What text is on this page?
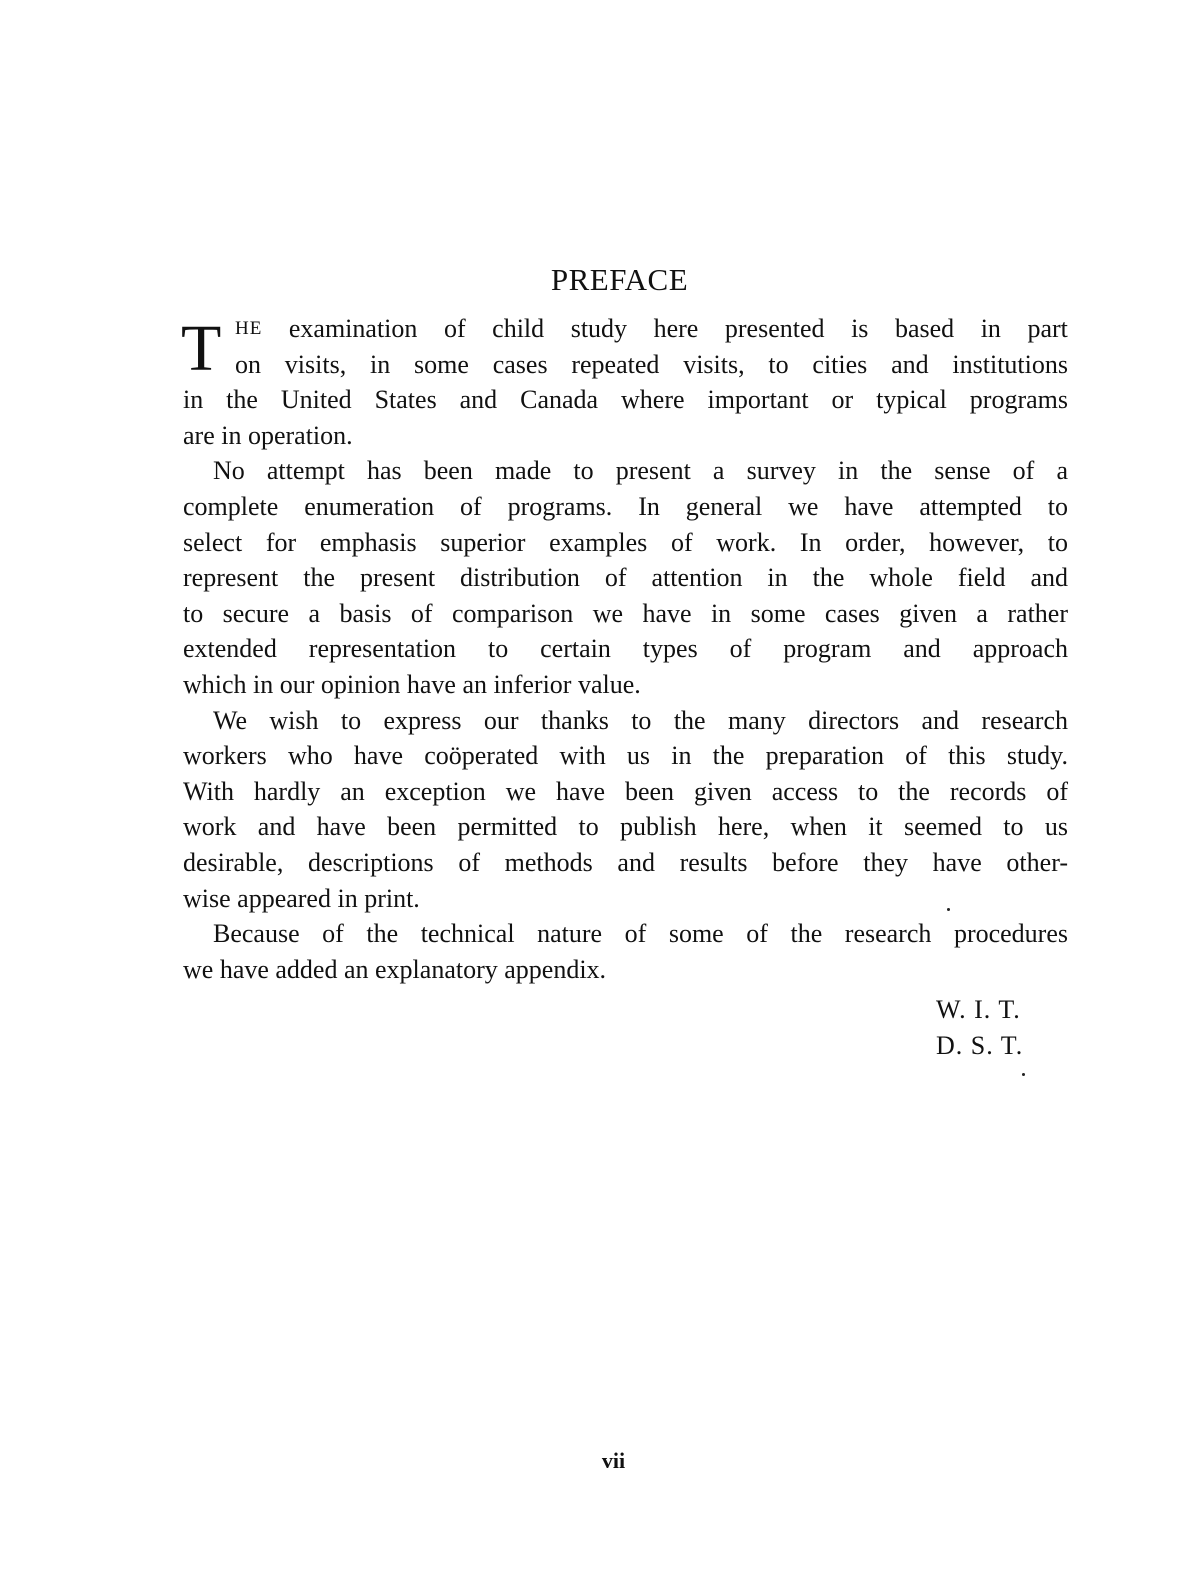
PREFACE
T HE examination of child study here presented is based in part
on visits, in some cases repeated visits, to cities and institutions
in the United States and Canada where important or typical programs
are in operation.
No attempt has been made to present a survey in the sense of a
complete enumeration of programs. In general we have attempted to
select for emphasis superior examples of work. In order, however, to
represent the present distribution of attention in the whole field and
to secure a basis of comparison we have in some cases given a rather
extended representation to certain types of program and approach
which in our opinion have an inferior value.
We wish to express our thanks to the many directors and research
workers who have coöperated with us in the preparation of this study.
With hardly an exception we have been given access to the records of
work and have been permitted to publish here, when it seemed to us
desirable, descriptions of methods and results before they have other-
wise appeared in print.
Because of the technical nature of some of the research procedures
we have added an explanatory appendix.
W. I. T.
D. S. T.
vii
